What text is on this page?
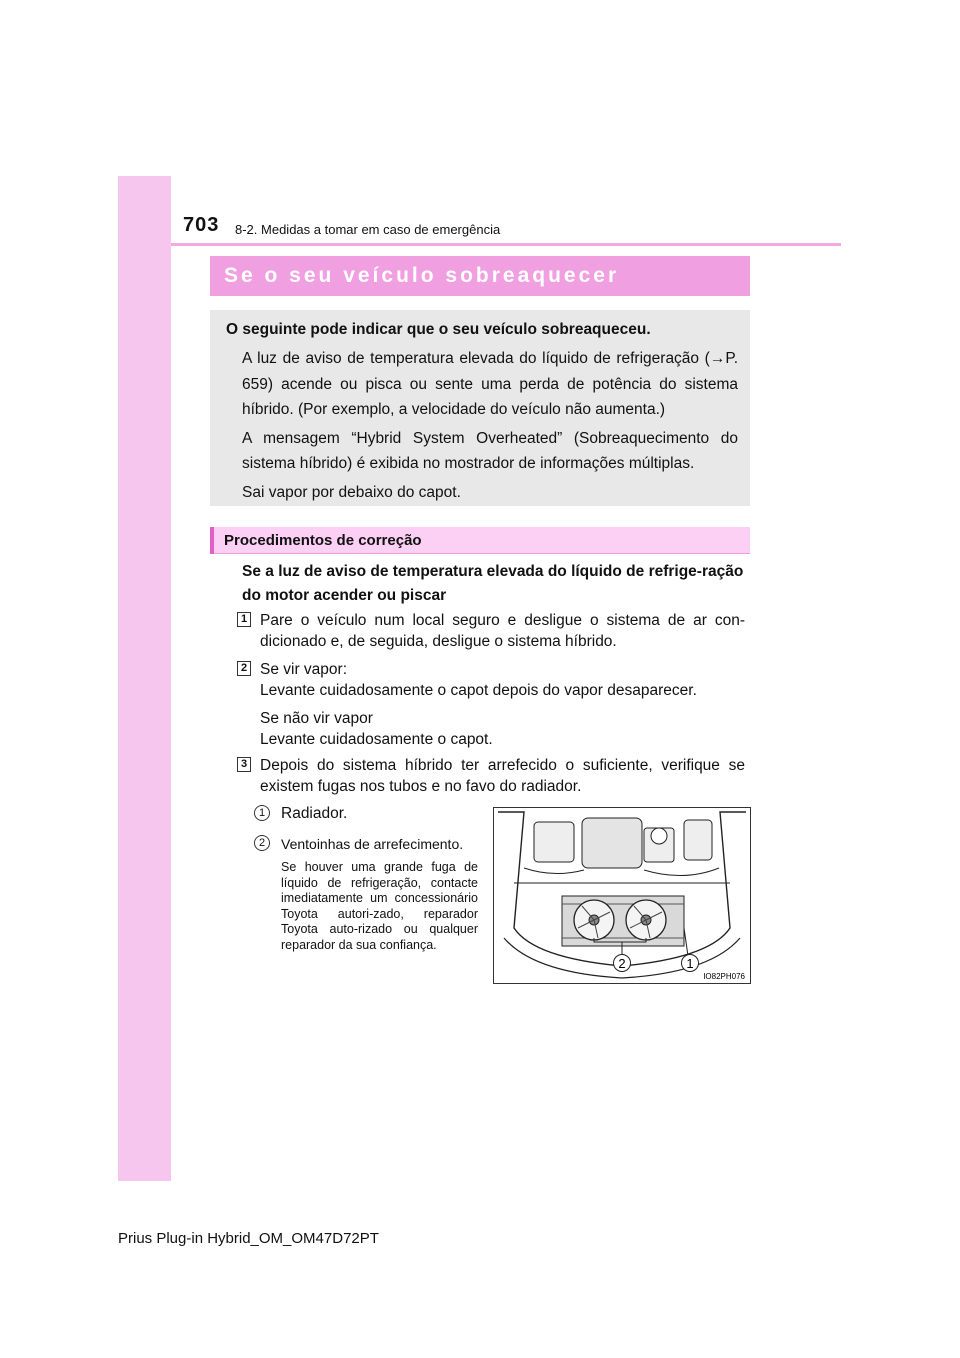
703 8-2. Medidas a tomar em caso de emergência
Se o seu veículo sobreaquecer
O seguinte pode indicar que o seu veículo sobreaqueceu.

A luz de aviso de temperatura elevada do líquido de refrigeração (→P. 659) acende ou pisca ou sente uma perda de potência do sistema híbrido. (Por exemplo, a velocidade do veículo não aumenta.)

A mensagem “Hybrid System Overheated” (Sobreaquecimento do sistema híbrido) é exibida no mostrador de informações múltiplas.

Sai vapor por debaixo do capot.

Procedimentos de correção
Se a luz de aviso de temperatura elevada do líquido de refrige-ração do motor acender ou piscar
1 Pare o veículo num local seguro e desligue o sistema de ar con-dicionado e, de seguida, desligue o sistema híbrido.
2 Se vir vapor:
Levante cuidadosamente o capot depois do vapor desaparecer.
Se não vir vapor
Levante cuidadosamente o capot.
3 Depois do sistema híbrido ter arrefecido o suficiente, verifique se existem fugas nos tubos e no favo do radiador.
1	Radiador.
2	Ventoinhas de arrefecimento.
Se houver uma grande fuga de líquido de refrigeração, contacte imediatamente um concessionário Toyota autori-zado, reparador Toyota auto-rizado ou qualquer reparador da sua confiança.
2	1
IO82PH076
Prius Plug-in Hybrid_OM_OM47D72PT
